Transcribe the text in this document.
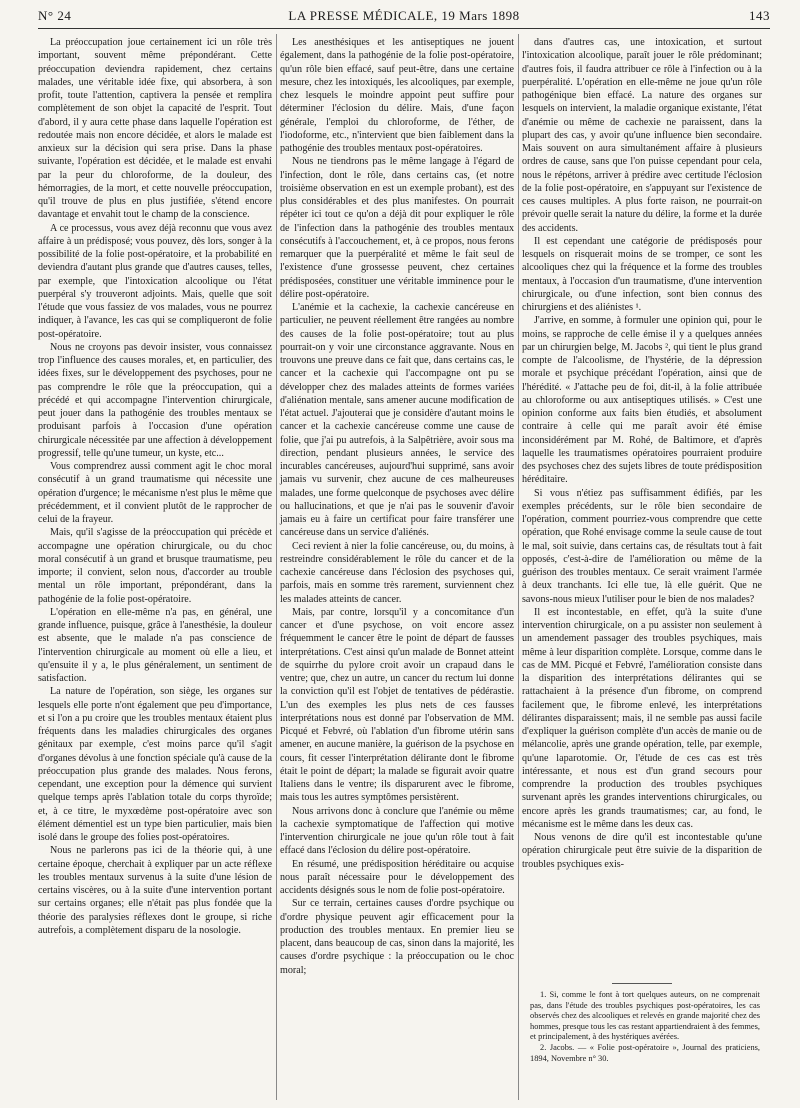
N° 24	LA PRESSE MÉDICALE, 19 Mars 1898	143

La préoccupation joue certainement ici un rôle très important, souvent même prépondérant. Cette préoccupation deviendra rapidement, chez certains malades, une véritable idée fixe, qui absorbera, à son profit, toute l'attention, captivera la pensée et remplira complètement de son objet la capacité de l'esprit. Tout d'abord, il y aura cette phase dans laquelle l'opération est redoutée mais non encore décidée, et alors le malade est anxieux sur la décision qui sera prise. Dans la phase suivante, l'opération est décidée, et le malade est envahi par la peur du chloroforme, de la douleur, des hémorragies, de la mort, et cette nouvelle préoccupation, qu'il trouve de plus en plus justifiée, s'étend encore davantage et envahit tout le champ de la conscience.

A ce processus, vous avez déjà reconnu que vous avez affaire à un prédisposé; vous pouvez, dès lors, songer à la possibilité de la folie post-opératoire, et la probabilité en deviendra d'autant plus grande que d'autres causes, telles, par exemple, que l'intoxication alcoolique ou l'état puerpéral s'y trouveront adjoints. Mais, quelle que soit l'étude que vous fassiez de vos malades, vous ne pourrez indiquer, à l'avance, les cas qui se compliqueront de folie post-opératoire.

Nous ne croyons pas devoir insister, vous connaissez trop l'influence des causes morales, et, en particulier, des idées fixes, sur le développement des psychoses, pour ne pas comprendre le rôle que la préoccupation, qui a précédé et qui accompagne l'intervention chirurgicale, peut jouer dans la pathogénie des troubles mentaux se produisant parfois à l'occasion d'une opération chirurgicale nécessitée par une affection à développement progressif, telle qu'une tumeur, un kyste, etc...

Vous comprendrez aussi comment agit le choc moral consécutif à un grand traumatisme qui nécessite une opération d'urgence; le mécanisme n'est plus le même que précédemment, et il convient plutôt de le rapprocher de celui de la frayeur.

Mais, qu'il s'agisse de la préoccupation qui précède et accompagne une opération chirurgicale, ou du choc moral consécutif à un grand et brusque traumatisme, peu importe; il convient, selon nous, d'accorder au trouble mental un rôle important, prépondérant, dans la pathogénie de la folie post-opératoire.

L'opération en elle-même n'a pas, en général, une grande influence, puisque, grâce à l'anesthésie, la douleur est absente, que le malade n'a pas conscience de l'intervention chirurgicale au moment où elle a lieu, et qu'ensuite il y a, le plus généralement, un sentiment de satisfaction.

La nature de l'opération, son siège, les organes sur lesquels elle porte n'ont également que peu d'importance, et si l'on a pu croire que les troubles mentaux étaient plus fréquents dans les maladies chirurgicales des organes génitaux par exemple, c'est moins parce qu'il s'agit d'organes dévolus à une fonction spéciale qu'à cause de la préoccupation plus grande des malades. Nous ferons, cependant, une exception pour la démence qui survient quelque temps après l'ablation totale du corps thyroïde; et, à ce titre, le myxœdème post-opératoire avec son élément démentiel est un type bien particulier, mais bien isolé dans le groupe des folies post-opératoires.

Nous ne parlerons pas ici de la théorie qui, à une certaine époque, cherchait à expliquer par un acte réflexe les troubles mentaux survenus à la suite d'une lésion de certains viscères, ou à la suite d'une intervention portant sur certains organes; elle n'était pas plus fondée que la théorie des paralysies réflexes dont le groupe, si riche autrefois, a complètement disparu de la nosologie.

Les anesthésiques et les antiseptiques ne jouent également, dans la pathogénie de la folie post-opératoire, qu'un rôle bien effacé, sauf peut-être, dans une certaine mesure, chez les intoxiqués, les alcooliques, par exemple, chez lesquels le moindre appoint peut suffire pour déterminer l'éclosion du délire. Mais, d'une façon générale, l'emploi du chloroforme, de l'éther, de l'iodoforme, etc., n'intervient que bien faiblement dans la pathogénie des troubles mentaux post-opératoires.

Nous ne tiendrons pas le même langage à l'égard de l'infection, dont le rôle, dans certains cas, (et notre troisième observation en est un exemple probant), est des plus considérables et des plus manifestes. On pourrait répéter ici tout ce qu'on a déjà dit pour expliquer le rôle de l'infection dans la pathogénie des troubles mentaux consécutifs à l'accouchement, et, à ce propos, nous ferons remarquer que la puerpéralité et même le fait seul de l'existence d'une grossesse peuvent, chez certaines prédisposées, constituer une véritable imminence pour le délire post-opératoire.

L'anémie et la cachexie, la cachexie cancéreuse en particulier, ne peuvent réellement être rangées au nombre des causes de la folie post-opératoire; tout au plus pourrait-on y voir une circonstance aggravante. Nous en trouvons une preuve dans ce fait que, dans certains cas, le cancer et la cachexie qui l'accompagne ont pu se développer chez des malades atteints de formes variées d'aliénation mentale, sans amener aucune modification de l'état actuel. J'ajouterai que je considère d'autant moins le cancer et la cachexie cancéreuse comme une cause de folie, que j'ai pu autrefois, à la Salpêtrière, avoir sous ma direction, pendant plusieurs années, le service des incurables cancéreuses, aujourd'hui supprimé, sans avoir jamais vu survenir, chez aucune de ces malheureuses malades, une forme quelconque de psychoses avec délire ou hallucinations, et que je n'ai pas le souvenir d'avoir jamais eu à faire un certificat pour faire transférer une cancéreuse dans un service d'aliénés.

Ceci revient à nier la folie cancéreuse, ou, du moins, à restreindre considérablement le rôle du cancer et de la cachexie cancéreuse dans l'éclosion des psychoses qui, parfois, mais en somme très rarement, surviennent chez les malades atteints de cancer.

Mais, par contre, lorsqu'il y a concomitance d'un cancer et d'une psychose, on voit encore assez fréquemment le cancer être le point de départ de fausses interprétations. C'est ainsi qu'un malade de Bonnet atteint de squirrhe du pylore croit avoir un crapaud dans le ventre; que, chez un autre, un cancer du rectum lui donne la conviction qu'il est l'objet de tentatives de pédérastie. L'un des exemples les plus nets de ces fausses interprétations nous est donné par l'observation de MM. Picqué et Febvré, où l'ablation d'un fibrome utérin sans amener, en aucune manière, la guérison de la psychose en cours, fit cesser l'interprétation délirante dont le fibrome était le point de départ; la malade se figurait avoir quatre Italiens dans le ventre; ils disparurent avec le fibrome, mais tous les autres symptômes persistèrent.

Nous arrivons donc à conclure que l'anémie ou même la cachexie symptomatique de l'affection qui motive l'intervention chirurgicale ne joue qu'un rôle tout à fait effacé dans l'éclosion du délire post-opératoire.

En résumé, une prédisposition héréditaire ou acquise nous paraît nécessaire pour le développement des accidents désignés sous le nom de folie post-opératoire.

Sur ce terrain, certaines causes d'ordre psychique ou d'ordre physique peuvent agir efficacement pour la production des troubles mentaux. En premier lieu se placent, dans beaucoup de cas, sinon dans la majorité, les causes d'ordre psychique : la préoccupation ou le choc moral;

dans d'autres cas, une intoxication, et surtout l'intoxication alcoolique, paraît jouer le rôle prédominant; d'autres fois, il faudra attribuer ce rôle à l'infection ou à la puerpéralité. L'opération en elle-même ne joue qu'un rôle pathogénique bien effacé. La nature des organes sur lesquels on intervient, la maladie organique existante, l'état d'anémie ou même de cachexie ne paraissent, dans la plupart des cas, y avoir qu'une influence bien secondaire. Mais souvent on aura simultanément affaire à plusieurs ordres de cause, sans que l'on puisse cependant pour cela, nous le répétons, arriver à prédire avec certitude l'éclosion de la folie post-opératoire, en s'appuyant sur l'existence de ces causes multiples. A plus forte raison, ne pourrait-on prévoir quelle serait la nature du délire, la forme et la durée des accidents.

Il est cependant une catégorie de prédisposés pour lesquels on risquerait moins de se tromper, ce sont les alcooliques chez qui la fréquence et la forme des troubles mentaux, à l'occasion d'un traumatisme, d'une intervention chirurgicale, ou d'une infection, sont bien connus des chirurgiens et des aliénistes ¹.

J'arrive, en somme, à formuler une opinion qui, pour le moins, se rapproche de celle émise il y a quelques années par un chirurgien belge, M. Jacobs ², qui tient le plus grand compte de l'alcoolisme, de l'hystérie, de la dépression morale et psychique précédant l'opération, ainsi que de l'hérédité. « J'attache peu de foi, dit-il, à la folie attribuée au chloroforme ou aux antiseptiques utilisés. » C'est une opinion conforme aux faits bien étudiés, et absolument contraire à celle qui me paraît avoir été émise inconsidérément par M. Rohé, de Baltimore, et d'après laquelle les traumatismes opératoires pourraient produire des psychoses chez des sujets libres de toute prédisposition héréditaire.

Si vous n'étiez pas suffisamment édifiés, par les exemples précédents, sur le rôle bien secondaire de l'opération, comment pourriez-vous comprendre que cette opération, que Rohé envisage comme la seule cause de tout le mal, soit suivie, dans certains cas, de résultats tout à fait opposés, c'est-à-dire de l'amélioration ou même de la guérison des troubles mentaux. Ce serait vraiment l'armée à deux tranchants. Ici elle tue, là elle guérit. Que ne savons-nous mieux l'utiliser pour le bien de nos malades?

Il est incontestable, en effet, qu'à la suite d'une intervention chirurgicale, on a pu assister non seulement à un amendement passager des troubles psychiques, mais même à leur disparition complète. Lorsque, comme dans le cas de MM. Picqué et Febvré, l'amélioration consiste dans la disparition des interprétations délirantes qui se rattachaient à la présence d'un fibrome, on comprend facilement que, le fibrome enlevé, les interprétations délirantes disparaissent; mais, il ne semble pas aussi facile d'expliquer la guérison complète d'un accès de manie ou de mélancolie, après une grande opération, telle, par exemple, qu'une laparotomie. Or, l'étude de ces cas est très intéressante, et nous est d'un grand secours pour comprendre la production des troubles psychiques survenant après les grandes interventions chirurgicales, ou encore après les grands traumatismes; car, au fond, le mécanisme est le même dans les deux cas.

Nous venons de dire qu'il est incontestable qu'une opération chirurgicale peut être suivie de la disparition de troubles psychiques exis-

1. Si, comme le font à tort quelques auteurs, on ne comprenait pas, dans l'étude des troubles psychiques post-opératoires, les cas observés chez des alcooliques et relevés en grande majorité chez des hommes, presque tous les cas restant appartiendraient à des femmes, et principalement, à des hystériques avérées.

2. Jacobs. — « Folie post-opératoire », Journal des praticiens, 1894, Novembre n° 30.
